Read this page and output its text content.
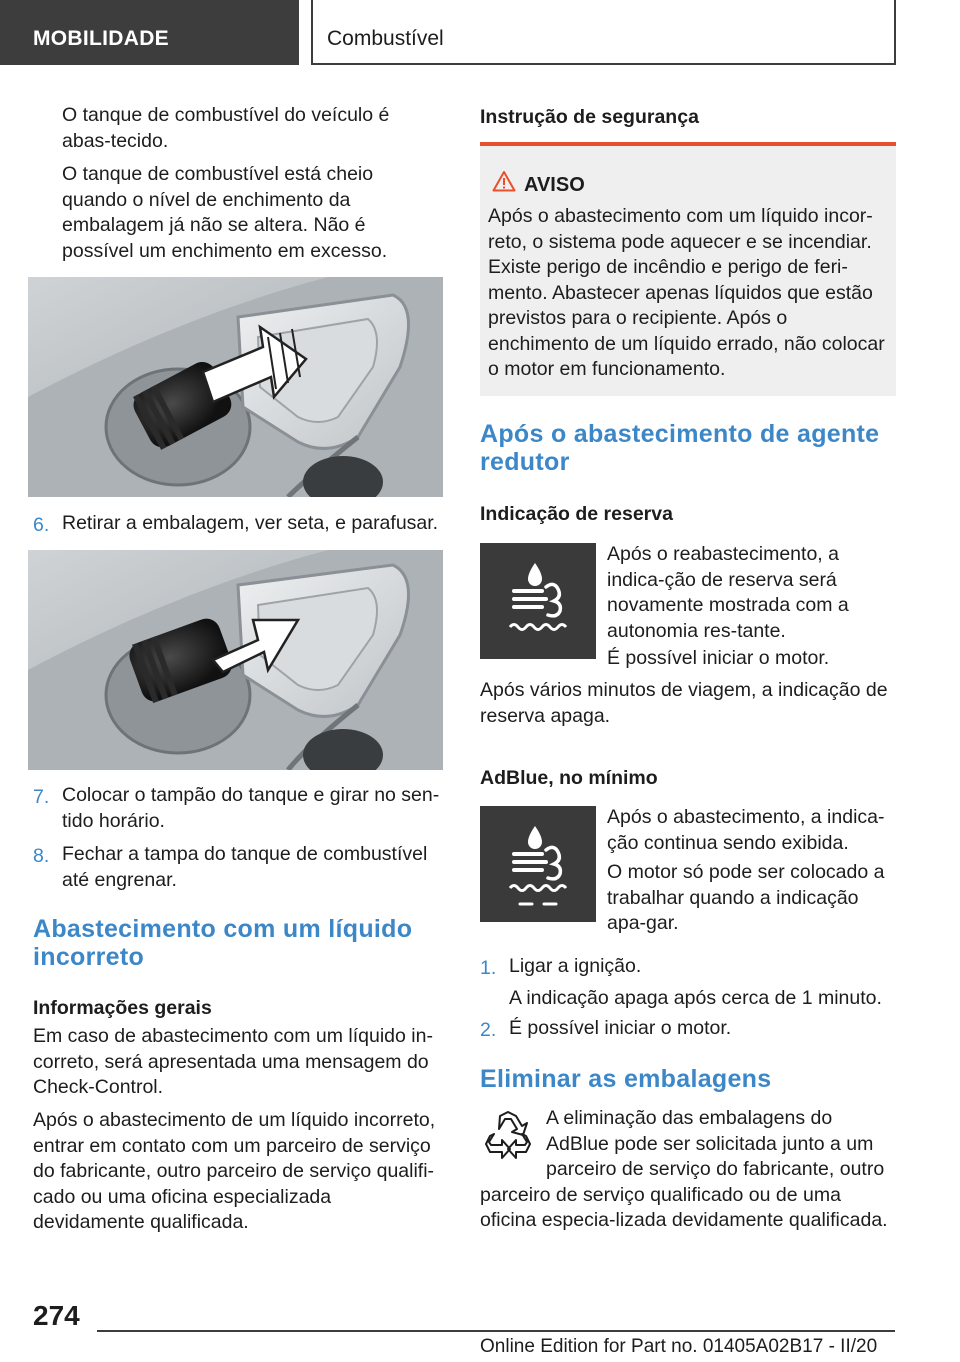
MOBILIDADE	Combustível
O tanque de combustível do veículo é abas-tecido.
O tanque de combustível está cheio quando o nível de enchimento da embalagem já não se altera. Não é possível um enchimento em excesso.
6. Retirar a embalagem, ver seta, e parafusar.
7. Colocar o tampão do tanque e girar no sen-tido horário.
8. Fechar a tampa do tanque de combustível até engrenar.
Abastecimento com um líquido incorreto
Informações gerais
Em caso de abastecimento com um líquido in-correto, será apresentada uma mensagem do Check-Control.
Após o abastecimento de um líquido incorreto, entrar em contato com um parceiro de serviço do fabricante, outro parceiro de serviço qualifi-cado ou uma oficina especializada devidamente qualificada.
Instrução de segurança
AVISO
Após o abastecimento com um líquido incor-reto, o sistema pode aquecer e se incendiar. Existe perigo de incêndio e perigo de feri-mento. Abastecer apenas líquidos que estão previstos para o recipiente. Após o enchimento de um líquido errado, não colocar o motor em funcionamento.
Após o abastecimento de agente redutor
Indicação de reserva
Após o reabastecimento, a indica-ção de reserva será novamente mostrada com a autonomia res-tante.
É possível iniciar o motor.
Após vários minutos de viagem, a indicação de reserva apaga.
AdBlue, no mínimo
Após o abastecimento, a indica-ção continua sendo exibida.
O motor só pode ser colocado a trabalhar quando a indicação apa-gar.
1. Ligar a ignição.
A indicação apaga após cerca de 1 minuto.
2. É possível iniciar o motor.
Eliminar as embalagens
A eliminação das embalagens do AdBlue pode ser solicitada junto a um parceiro de serviço do fabricante, outro parceiro de serviço qualificado ou de uma oficina especia-lizada devidamente qualificada.
274
Online Edition for Part no. 01405A02B17 - II/20
